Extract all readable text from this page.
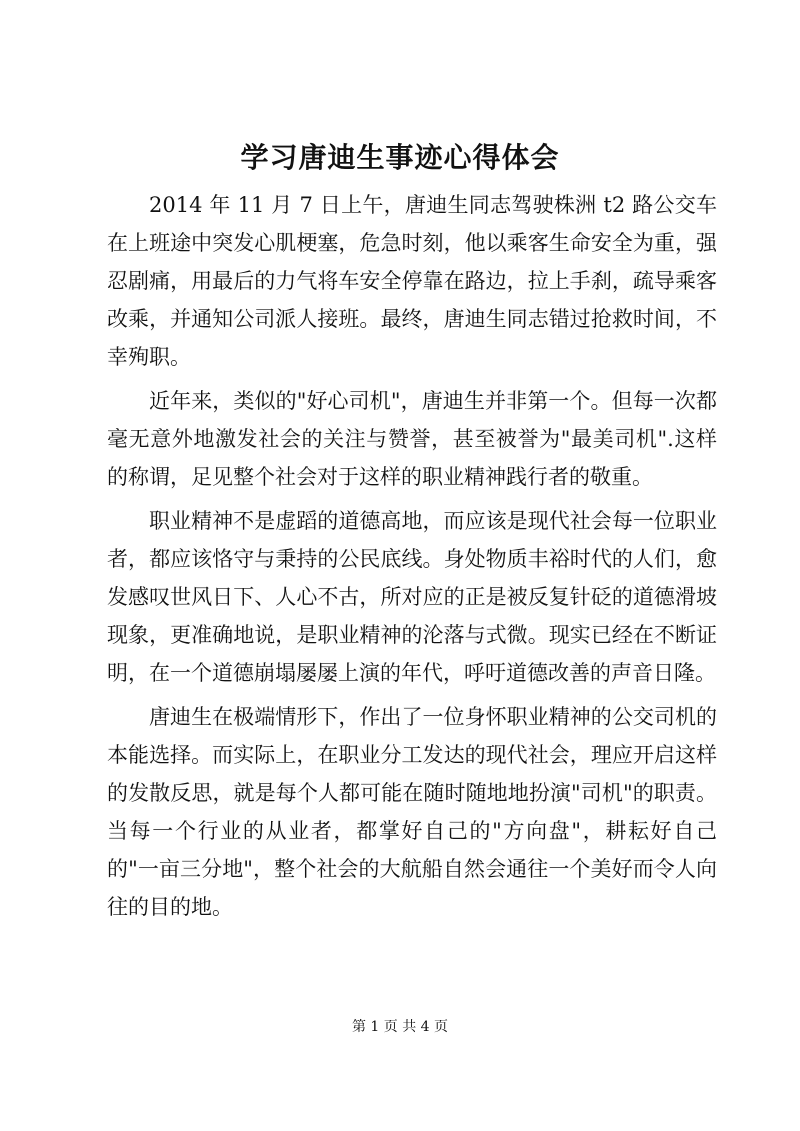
学习唐迪生事迹心得体会

2014 年 11 月 7 日上午，唐迪生同志驾驶株洲 t2 路公交车在上班途中突发心肌梗塞，危急时刻，他以乘客生命安全为重，强忍剧痛，用最后的力气将车安全停靠在路边，拉上手刹，疏导乘客改乘，并通知公司派人接班。最终，唐迪生同志错过抢救时间，不幸殉职。

近年来，类似的"好心司机"，唐迪生并非第一个。但每一次都毫无意外地激发社会的关注与赞誉，甚至被誉为"最美司机".这样的称谓，足见整个社会对于这样的职业精神践行者的敬重。

职业精神不是虚蹈的道德高地，而应该是现代社会每一位职业者，都应该恪守与秉持的公民底线。身处物质丰裕时代的人们，愈发感叹世风日下、人心不古，所对应的正是被反复针砭的道德滑坡现象，更准确地说，是职业精神的沦落与式微。现实已经在不断证明，在一个道德崩塌屡屡上演的年代，呼吁道德改善的声音日隆。

唐迪生在极端情形下，作出了一位身怀职业精神的公交司机的本能选择。而实际上，在职业分工发达的现代社会，理应开启这样的发散反思，就是每个人都可能在随时随地地扮演"司机"的职责。当每一个行业的从业者，都掌好自己的"方向盘"，耕耘好自己的"一亩三分地"，整个社会的大航船自然会通往一个美好而令人向往的目的地。

第 1 页 共 4 页
